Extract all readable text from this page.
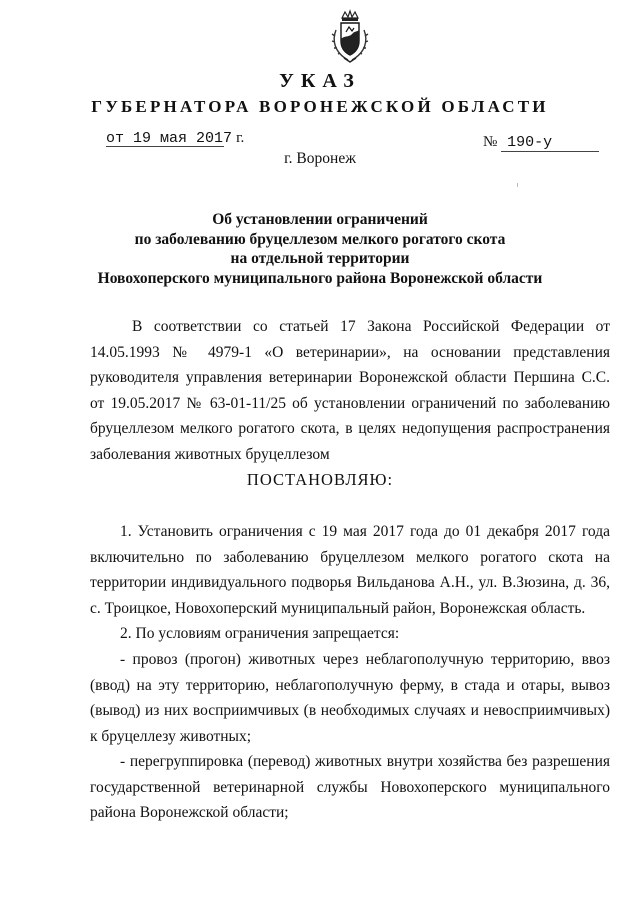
УКАЗ
ГУБЕРНАТОРА ВОРОНЕЖСКОЙ ОБЛАСТИ
от 19 мая 2017 г.	№ 190-у
г. Воронеж
Об установлении ограничений
по заболеванию бруцеллезом мелкого рогатого скота
на отдельной территории
Новохоперского муниципального района Воронежской области
В соответствии со статьей 17 Закона Российской Федерации от 14.05.1993 № 4979-1 «О ветеринарии», на основании представления руководителя управления ветеринарии Воронежской области Першина С.С. от 19.05.2017 № 63-01-11/25 об установлении ограничений по заболеванию бруцеллезом мелкого рогатого скота, в целях недопущения распространения заболевания животных бруцеллезом
ПОСТАНОВЛЯЮ:
1. Установить ограничения с 19 мая 2017 года до 01 декабря 2017 года включительно по заболеванию бруцеллезом мелкого рогатого скота на территории индивидуального подворья Вильданова А.Н., ул. В.Зюзина, д. 36, с. Троицкое, Новохоперский муниципальный район, Воронежская область.
2. По условиям ограничения запрещается:
- провоз (прогон) животных через неблагополучную территорию, ввоз (ввод) на эту территорию, неблагополучную ферму, в стада и отары, вывоз (вывод) из них восприимчивых (в необходимых случаях и невосприимчивых) к бруцеллезу животных;
- перегруппировка (перевод) животных внутри хозяйства без разрешения государственной ветеринарной службы Новохоперского муниципального района Воронежской области;
